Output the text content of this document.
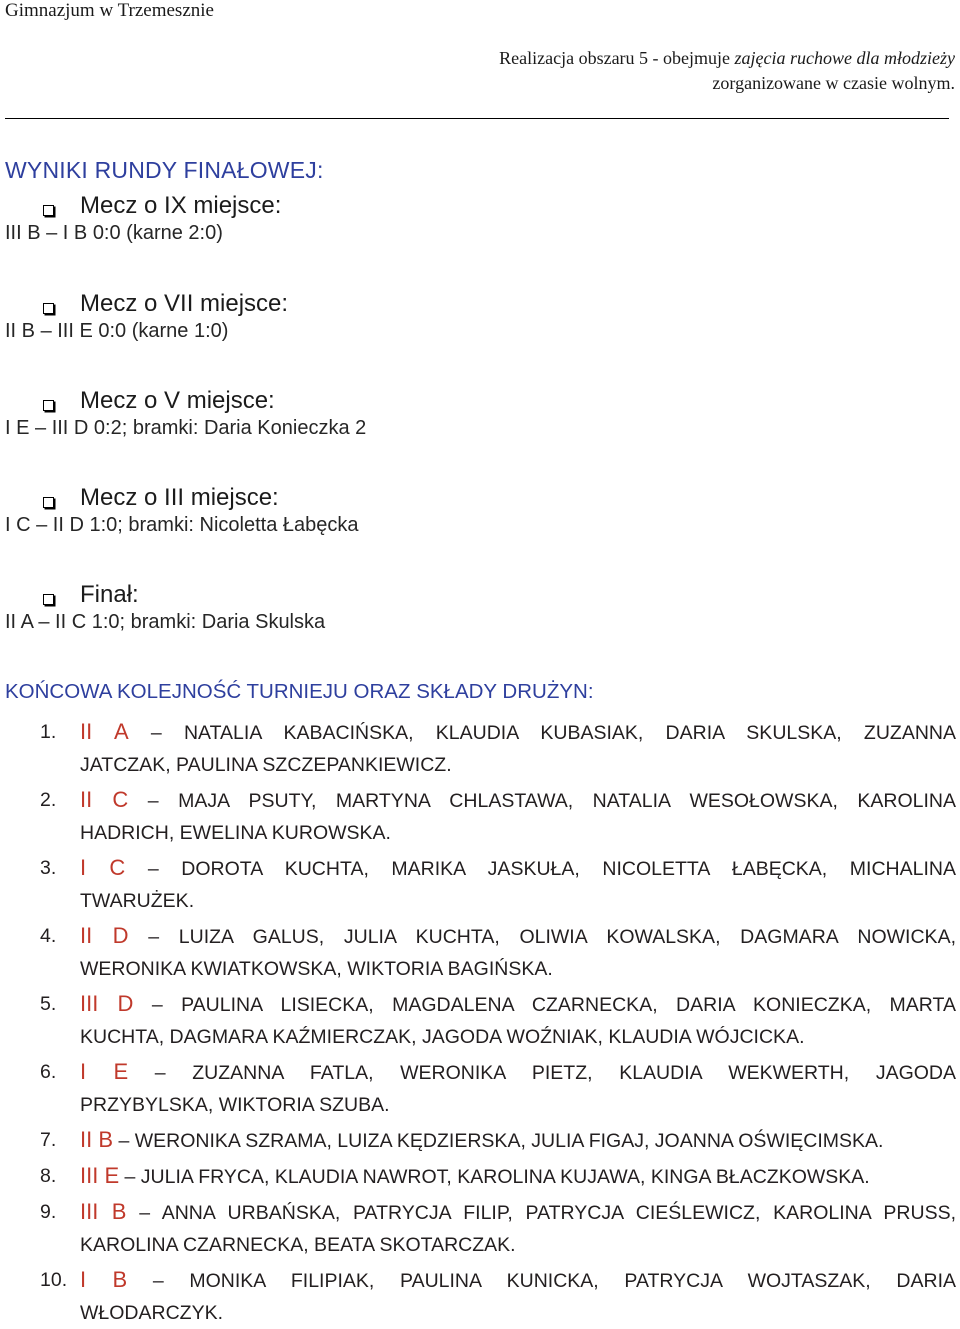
Gimnazjum w Trzemesznie
Realizacja obszaru 5 - obejmuje zajęcia ruchowe dla młodzieży
zorganizowane w czasie wolnym.
WYNIKI RUNDY FINAŁOWEJ:
Mecz o IX miejsce:
III B – I B 0:0 (karne 2:0)
Mecz o VII miejsce:
II B – III E 0:0 (karne 1:0)
Mecz o V miejsce:
I E – III D 0:2; bramki: Daria Konieczka 2
Mecz o III miejsce:
I C – II D 1:0; bramki: Nicoletta Łabęcka
Finał:
II A – II C 1:0; bramki: Daria Skulska
KOŃCOWA KOLEJNOŚĆ TURNIEJU ORAZ SKŁADY DRUŻYN:
1.	II A – NATALIA KABACIŃSKA, KLAUDIA KUBASIAK, DARIA SKULSKA, ZUZANNA
JATCZAK, PAULINA SZCZEPANKIEWICZ.
2.	II C – MAJA PSUTY, MARTYNA CHLASTAWA, NATALIA WESOŁOWSKA, KAROLINA
HADRICH, EWELINA KUROWSKA.
3.	I C – DOROTA KUCHTA, MARIKA JASKUŁA, NICOLETTA ŁABĘCKA, MICHALINA
TWARUŻEK.
4.	II D – LUIZA GALUS, JULIA KUCHTA, OLIWIA KOWALSKA, DAGMARA NOWICKA,
WERONIKA KWIATKOWSKA, WIKTORIA BAGIŃSKA.
5.	III D – PAULINA LISIECKA, MAGDALENA CZARNECKA, DARIA KONIECZKA, MARTA
KUCHTA, DAGMARA KAŹMIERCZAK, JAGODA WOŹNIAK, KLAUDIA WÓJCICKA.
6.	I E – ZUZANNA FATLA, WERONIKA PIETZ, KLAUDIA WEKWERTH, JAGODA
PRZYBYLSKA, WIKTORIA SZUBA.
7.	II B – WERONIKA SZRAMA, LUIZA KĘDZIERSKA, JULIA FIGAJ, JOANNA OŚWIĘCIMSKA.
8.	III E – JULIA FRYCA, KLAUDIA NAWROT, KAROLINA KUJAWA, KINGA BŁACZKOWSKA.
9.	III B – ANNA URBAŃSKA, PATRYCJA FILIP, PATRYCJA CIEŚLEWICZ, KAROLINA PRUSS,
KAROLINA CZARNECKA, BEATA SKOTARCZAK.
10. I B – MONIKA FILIPIAK, PAULINA KUNICKA, PATRYCJA WOJTASZAK, DARIA
WŁODARCZYK.
